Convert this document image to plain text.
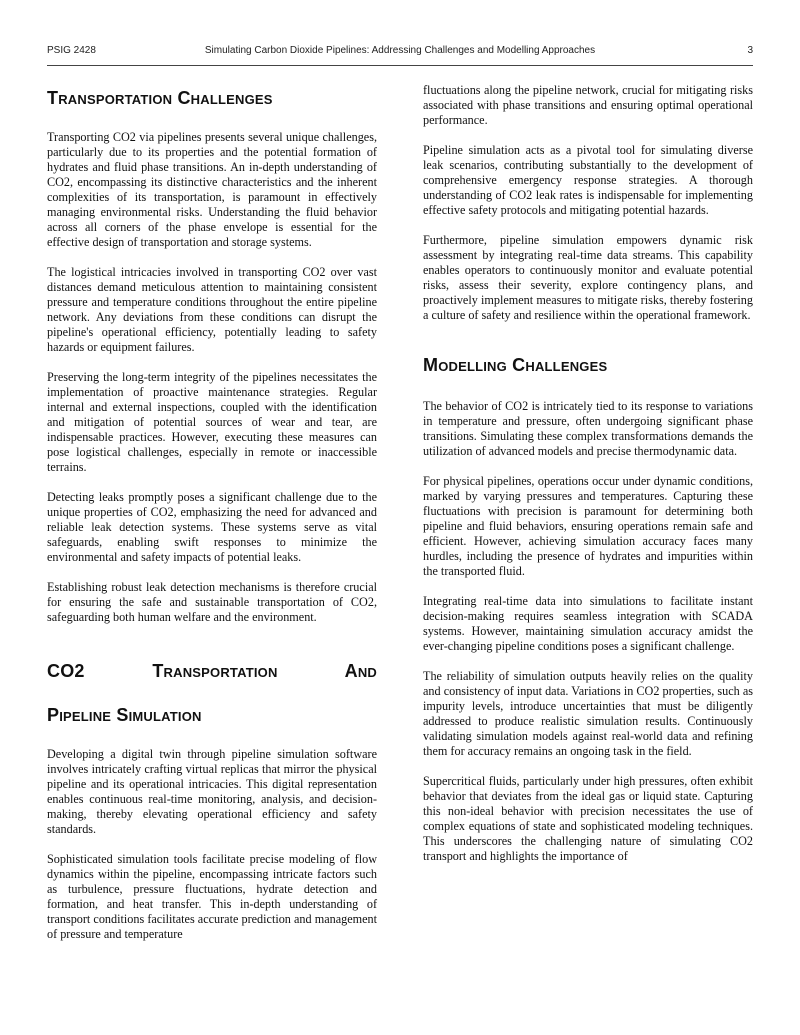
PSIG 2428	Simulating Carbon Dioxide Pipelines: Addressing Challenges and Modelling Approaches	3
Transportation Challenges

Transporting CO2 via pipelines presents several unique challenges, particularly due to its properties and the potential formation of hydrates and fluid phase transitions. An in-depth understanding of CO2, encompassing its distinctive characteristics and the inherent complexities of its transportation, is paramount in effectively managing environmental risks. Understanding the fluid behavior across all corners of the phase envelope is essential for the effective design of transportation and storage systems.

The logistical intricacies involved in transporting CO2 over vast distances demand meticulous attention to maintaining consistent pressure and temperature conditions throughout the entire pipeline network. Any deviations from these conditions can disrupt the pipeline's operational efficiency, potentially leading to safety hazards or equipment failures.

Preserving the long-term integrity of the pipelines necessitates the implementation of proactive maintenance strategies. Regular internal and external inspections, coupled with the identification and mitigation of potential sources of wear and tear, are indispensable practices. However, executing these measures can pose logistical challenges, especially in remote or inaccessible terrains.

Detecting leaks promptly poses a significant challenge due to the unique properties of CO2, emphasizing the need for advanced and reliable leak detection systems. These systems serve as vital safeguards, enabling swift responses to minimize the environmental and safety impacts of potential leaks.

Establishing robust leak detection mechanisms is therefore crucial for ensuring the safe and sustainable transportation of CO2, safeguarding both human welfare and the environment.

CO2 Transportation And
Pipeline Simulation

Developing a digital twin through pipeline simulation software involves intricately crafting virtual replicas that mirror the physical pipeline and its operational intricacies. This digital representation enables continuous real-time monitoring, analysis, and decision-making, thereby elevating operational efficiency and safety standards.

Sophisticated simulation tools facilitate precise modeling of flow dynamics within the pipeline, encompassing intricate factors such as turbulence, pressure fluctuations, hydrate detection and formation, and heat transfer. This in-depth understanding of transport conditions facilitates accurate prediction and management of pressure and temperature

fluctuations along the pipeline network, crucial for mitigating risks associated with phase transitions and ensuring optimal operational performance.

Pipeline simulation acts as a pivotal tool for simulating diverse leak scenarios, contributing substantially to the development of comprehensive emergency response strategies. A thorough understanding of CO2 leak rates is indispensable for implementing effective safety protocols and mitigating potential hazards.

Furthermore, pipeline simulation empowers dynamic risk assessment by integrating real-time data streams. This capability enables operators to continuously monitor and evaluate potential risks, assess their severity, explore contingency plans, and proactively implement measures to mitigate risks, thereby fostering a culture of safety and resilience within the operational framework.

Modelling Challenges

The behavior of CO2 is intricately tied to its response to variations in temperature and pressure, often undergoing significant phase transitions. Simulating these complex transformations demands the utilization of advanced models and precise thermodynamic data.

For physical pipelines, operations occur under dynamic conditions, marked by varying pressures and temperatures. Capturing these fluctuations with precision is paramount for determining both pipeline and fluid behaviors, ensuring operations remain safe and efficient. However, achieving simulation accuracy faces many hurdles, including the presence of hydrates and impurities within the transported fluid.

Integrating real-time data into simulations to facilitate instant decision-making requires seamless integration with SCADA systems. However, maintaining simulation accuracy amidst the ever-changing pipeline conditions poses a significant challenge.

The reliability of simulation outputs heavily relies on the quality and consistency of input data. Variations in CO2 properties, such as impurity levels, introduce uncertainties that must be diligently addressed to produce realistic simulation results. Continuously validating simulation models against real-world data and refining them for accuracy remains an ongoing task in the field.

Supercritical fluids, particularly under high pressures, often exhibit behavior that deviates from the ideal gas or liquid state. Capturing this non-ideal behavior with precision necessitates the use of complex equations of state and sophisticated modeling techniques. This underscores the challenging nature of simulating CO2 transport and highlights the importance of
